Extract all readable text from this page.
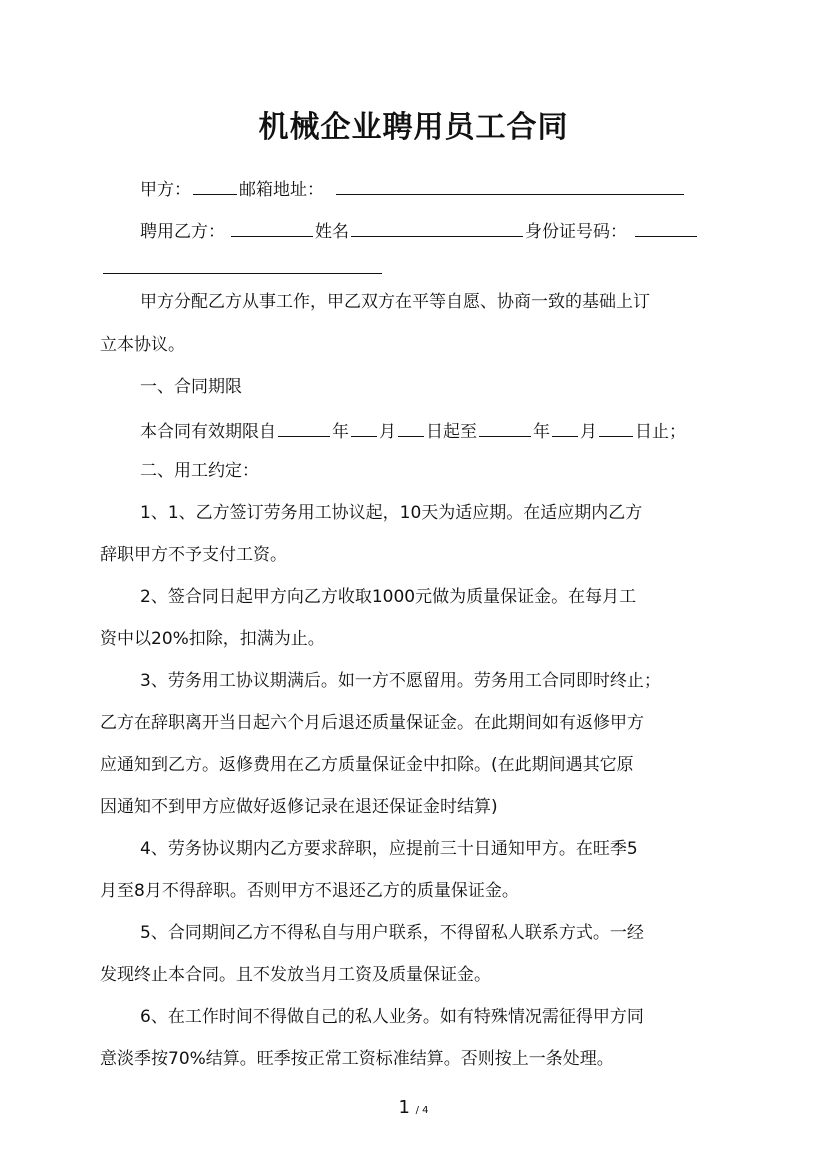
机械企业聘用员工合同
甲方：	邮箱地址：
聘用乙方：	姓名	身份证号码：
甲方分配乙方从事工作，甲乙双方在平等自愿、协商一致的基础上订
立本协议。
一、合同期限
本合同有效期限自	年 月 日起至	年 月 日止；
二、用工约定：
1、1、乙方签订劳务用工协议起，10天为适应期。在适应期内乙方
辞职甲方不予支付工资。
2、签合同日起甲方向乙方收取1000元做为质量保证金。在每月工
资中以20%扣除，扣满为止。
3、劳务用工协议期满后。如一方不愿留用。劳务用工合同即时终止；
乙方在辞职离开当日起六个月后退还质量保证金。在此期间如有返修甲方
应通知到乙方。返修费用在乙方质量保证金中扣除。(在此期间遇其它原
因通知不到甲方应做好返修记录在退还保证金时结算)
4、劳务协议期内乙方要求辞职，应提前三十日通知甲方。在旺季5
月至8月不得辞职。否则甲方不退还乙方的质量保证金。
5、合同期间乙方不得私自与用户联系，不得留私人联系方式。一经
发现终止本合同。且不发放当月工资及质量保证金。
6、在工作时间不得做自己的私人业务。如有特殊情况需征得甲方同
意淡季按70%结算。旺季按正常工资标准结算。否则按上一条处理。
1 / 4
